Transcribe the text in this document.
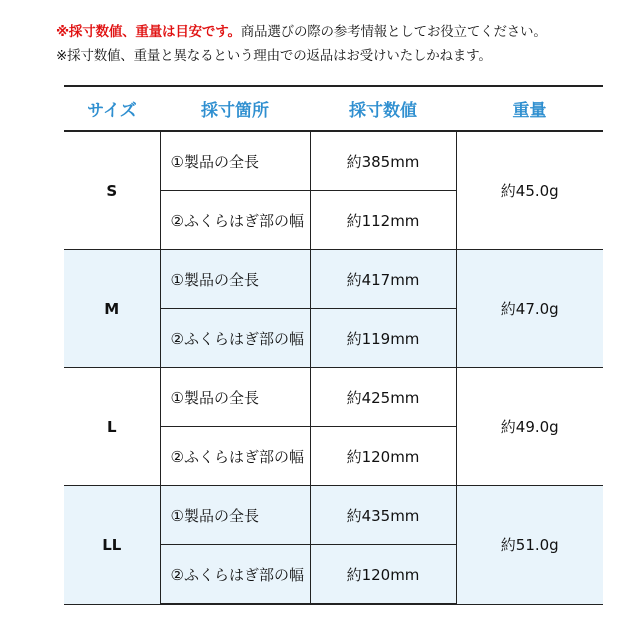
※採寸数値、重量は目安です。商品選びの際の参考情報としてお役立てください。
※採寸数値、重量と異なるという理由での返品はお受けいたしかねます。
サイズ	採寸箇所	採寸数値	重量
S	①製品の全長	約385mm	約45.0g
	②ふくらはぎ部の幅	約112mm	
M	①製品の全長	約417mm	約47.0g
	②ふくらはぎ部の幅	約119mm	
L	①製品の全長	約425mm	約49.0g
	②ふくらはぎ部の幅	約120mm	
LL	①製品の全長	約435mm	約51.0g
	②ふくらはぎ部の幅	約120mm	
